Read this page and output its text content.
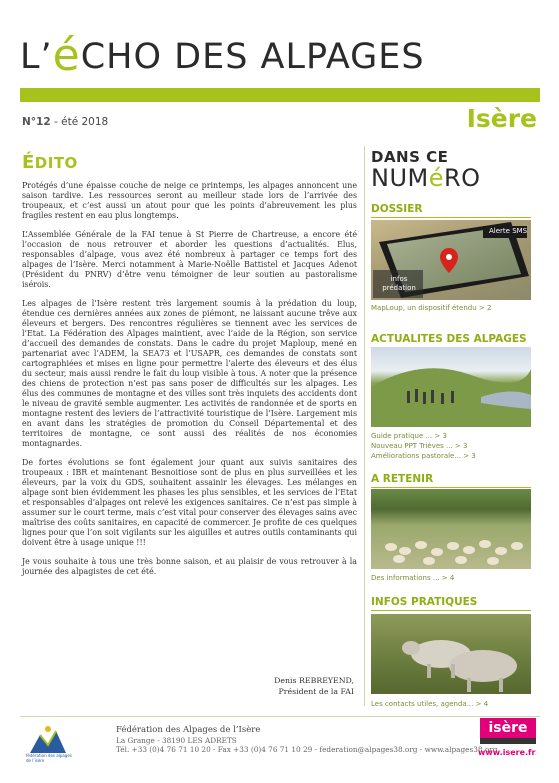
L’éCHO DES ALPAGES
N°12 - été 2018	Isère
ÉDITO

Protégés d’une épaisse couche de neige ce printemps, les alpages annoncent une saison tardive. Les ressources seront au meilleur stade lors de l’arrivée des troupeaux, et c’est aussi un atout pour que les points d’abreuvement les plus fragiles restent en eau plus longtemps.

L’Assemblée Générale de la FAI tenue à St Pierre de Chartreuse, a encore été l’occasion de nous retrouver et aborder les questions d’actualités. Elus, responsables d’alpage, vous avez été nombreux à partager ce temps fort des alpages de l’Isère. Merci notamment à Marie-Noëlle Battistel et Jacques Adenot (Président du PNRV) d’être venu témoigner de leur soutien au pastoralisme isérois.

Les alpages de l’Isère restent très largement soumis à la prédation du loup, étendue ces dernières années aux zones de piémont, ne laissant aucune trêve aux éleveurs et bergers. Des rencontres régulières se tiennent avec les services de l’Etat. La Fédération des Alpages maintient, avec l’aide de la Région, son service d’accueil des demandes de constats. Dans le cadre du projet Maploup, mené en partenariat avec l’ADEM, la SEA73 et l’USAPR, ces demandes de constats sont cartographiées et mises en ligne pour permettre l’alerte des éleveurs et des élus du secteur, mais aussi rendre le fait du loup visible à tous. A noter que la présence des chiens de protection n’est pas sans poser de difficultés sur les alpages. Les élus des communes de montagne et des villes sont très inquiets des accidents dont le niveau de gravité semble augmenter. Les activités de randonnée et de sports en montagne restent des leviers de l’attractivité touristique de l’Isère. Largement mis en avant dans les stratégies de promotion du Conseil Départemental et des territoires de montagne, ce sont aussi des réalités de nos économies montagnardes.

De fortes évolutions se font également jour quant aux suivis sanitaires des troupeaux : IBR et maintenant Besnoitiose sont de plus en plus surveillées et les éleveurs, par la voix du GDS, souhaitent assainir les élevages. Les mélanges en alpage sont bien évidemment les phases les plus sensibles, et les services de l’Etat et responsables d’alpages ont relevé les exigences sanitaires. Ce n’est pas simple à assumer sur le court terme, mais c’est vital pour conserver des élevages sains avec maîtrise des coûts sanitaires, en capacité de commercer. Je profite de ces quelques lignes pour que l’on soit vigilants sur les aiguilles et autres outils contaminants qui doivent être à usage unique !!!

Je vous souhaite à tous une très bonne saison, et au plaisir de vous retrouver à la journée des alpagistes de cet été.

Denis REBREYEND,
Président de la FAI
DANS CE
NUMéRO
DOSSIER
Alerte SMS
infos
prédation
MapLoup, un dispositif étendu > 2
ACTUALITES DES ALPAGES
Guide pratique ... > 3
Nouveau PPT Trièves ... > 3
Améliorations pastorale... > 3
A RETENIR
Des informations ... > 4
INFOS PRATIQUES
Les contacts utiles, agenda... > 4
fédération des alpages
de l’isère
Fédération des Alpages de l’Isère
La Grange - 38190 LES ADRETS
Tél. +33 (0)4 76 71 10 20 - Fax +33 (0)4 76 71 10 29 - federation@alpages38.org - www.alpages38.org
isère
www.isere.fr
